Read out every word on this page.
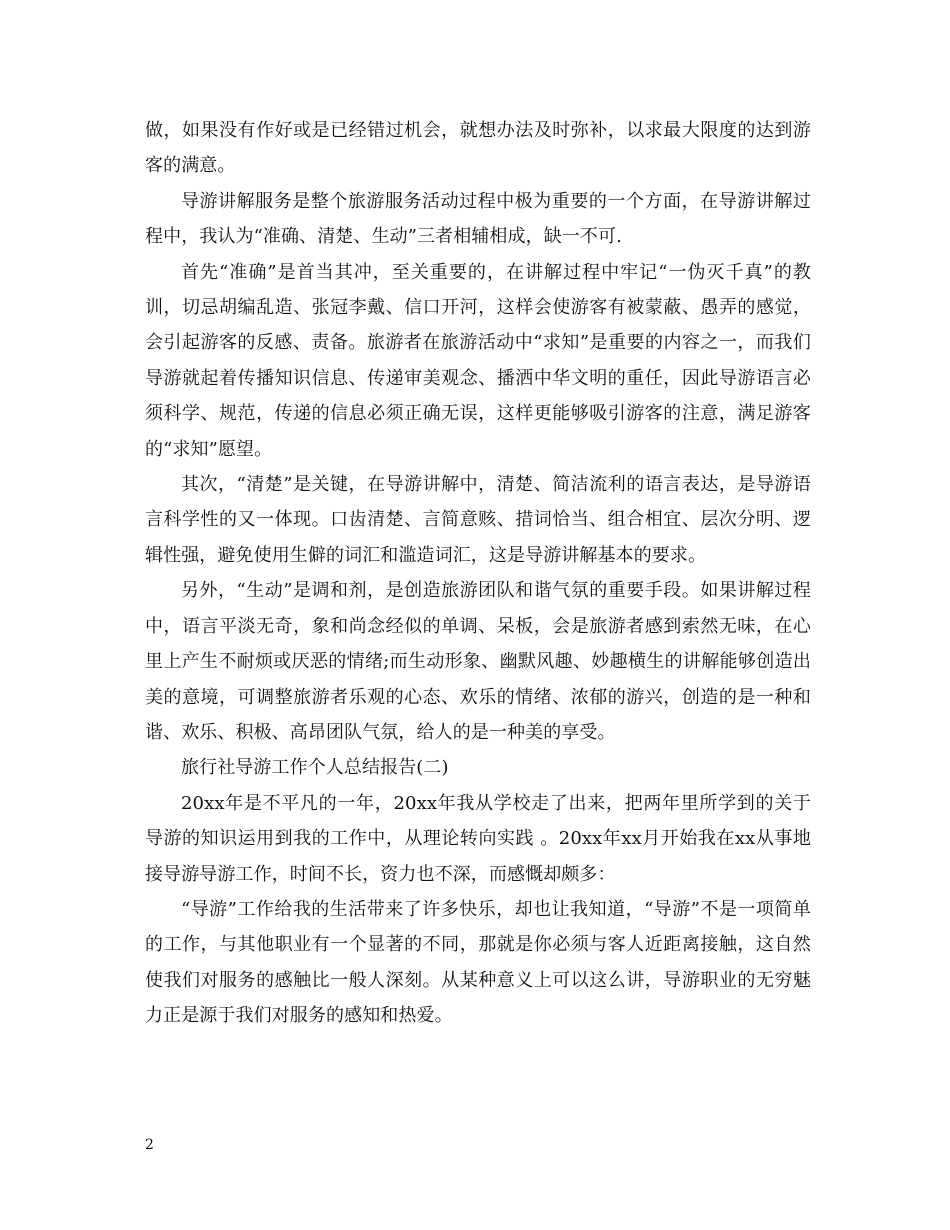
做，如果没有作好或是已经错过机会，就想办法及时弥补，以求最大限度的达到游客的满意。

导游讲解服务是整个旅游服务活动过程中极为重要的一个方面，在导游讲解过程中，我认为“准确、清楚、生动”三者相辅相成，缺一不可.

首先“准确”是首当其冲，至关重要的，在讲解过程中牢记“一伪灭千真”的教训，切忌胡编乱造、张冠李戴、信口开河，这样会使游客有被蒙蔽、愚弄的感觉，会引起游客的反感、责备。旅游者在旅游活动中“求知”是重要的内容之一，而我们导游就起着传播知识信息、传递审美观念、播洒中华文明的重任，因此导游语言必须科学、规范，传递的信息必须正确无误，这样更能够吸引游客的注意，满足游客的“求知”愿望。

其次，“清楚”是关键，在导游讲解中，清楚、简洁流利的语言表达，是导游语言科学性的又一体现。口齿清楚、言简意赅、措词恰当、组合相宜、层次分明、逻辑性强，避免使用生僻的词汇和滥造词汇，这是导游讲解基本的要求。

另外，“生动”是调和剂，是创造旅游团队和谐气氛的重要手段。如果讲解过程中，语言平淡无奇，象和尚念经似的单调、呆板，会是旅游者感到索然无味，在心里上产生不耐烦或厌恶的情绪;而生动形象、幽默风趣、妙趣横生的讲解能够创造出美的意境，可调整旅游者乐观的心态、欢乐的情绪、浓郁的游兴，创造的是一种和谐、欢乐、积极、高昂团队气氛，给人的是一种美的享受。

旅行社导游工作个人总结报告(二)

20xx年是不平凡的一年，20xx年我从学校走了出来，把两年里所学到的关于导游的知识运用到我的工作中，从理论转向实践 。20xx年xx月开始我在xx从事地接导游导游工作，时间不长，资力也不深，而感慨却颇多：

“导游”工作给我的生活带来了许多快乐，却也让我知道，“导游”不是一项简单的工作，与其他职业有一个显著的不同，那就是你必须与客人近距离接触，这自然使我们对服务的感触比一般人深刻。从某种意义上可以这么讲，导游职业的无穷魅力正是源于我们对服务的感知和热爱。

2
